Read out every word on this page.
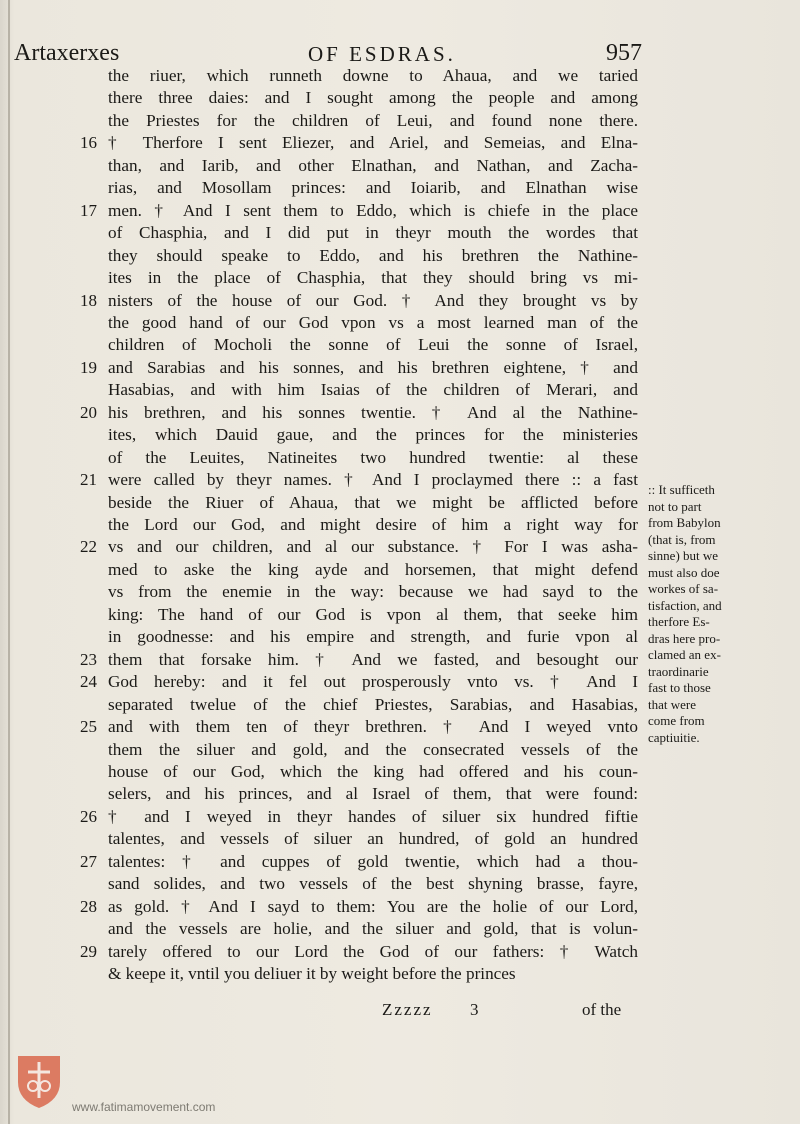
Artaxerxes	OF ESDRAS.	957
the riuer, which runneth downe to Ahaua, and we taried
there three daies: and I sought among the people and among
the Priestes for the children of Leui, and found none there.
† Therfore I sent Eliezer, and Ariel, and Semeias, and Elna-
than, and Iarib, and other Elnathan, and Nathan, and Zacha-
rias, and Mosollam princes: and Ioiarib, and Elnathan wise
men. † And I sent them to Eddo, which is chiefe in the place
of Chasphia, and I did put in theyr mouth the wordes that
they should speake to Eddo, and his brethren the Nathine-
ites in the place of Chasphia, that they should bring vs mi-
nisters of the house of our God. † And they brought vs by
the good hand of our God vpon vs a most learned man of the
children of Mocholi the sonne of Leui the sonne of Israel,
and Sarabias and his sonnes, and his brethren eightene, † and
Hasabias, and with him Isaias of the children of Merari, and
his brethren, and his sonnes twentie. † And al the Nathine-
ites, which Dauid gaue, and the princes for the ministeries
of the Leuites, Natineites two hundred twentie: al these
were called by theyr names. † And I proclaymed there :: a fast
beside the Riuer of Ahaua, that we might be afflicted before
the Lord our God, and might desire of him a right way for
vs and our children, and al our substance. † For I was asha-
med to aske the king ayde and horsemen, that might defend
vs from the enemie in the way: because we had sayd to the
king: The hand of our God is vpon al them, that seeke him
in goodnesse: and his empire and strength, and furie vpon al
them that forsake him. † And we fasted, and besought our
God hereby: and it fel out prosperously vnto vs. † And I
separated twelue of the chief Priestes, Sarabias, and Hasabias,
and with them ten of theyr brethren. † And I weyed vnto
them the siluer and gold, and the consecrated vessels of the
house of our God, which the king had offered and his coun-
selers, and his princes, and al Israel of them, that were found:
† and I weyed in theyr handes of siluer six hundred fiftie
talentes, and vessels of siluer an hundred, of gold an hundred
talentes: † and cuppes of gold twentie, which had a thou-
sand solides, and two vessels of the best shyning brasse, fayre,
as gold. † And I sayd to them: You are the holie of our Lord,
and the vessels are holie, and the siluer and gold, that is volun-
tarely offered to our Lord the God of our fathers: † Watch
& keepe it, vntil you deliuer it by weight before the princes
16
17
18
19
20
21
22
23
24
25
26
27
28
29
:: It sufficeth
not to part
from Babylon
(that is, from
sinne) but we
must also doe
workes of sa-
tisfaction, and
therfore Es-
dras here pro-
clamed an ex-
traordinarie
fast to those
that were
come from
captiuitie.
Zzzzz 3	of the
www.fatimamovement.com
